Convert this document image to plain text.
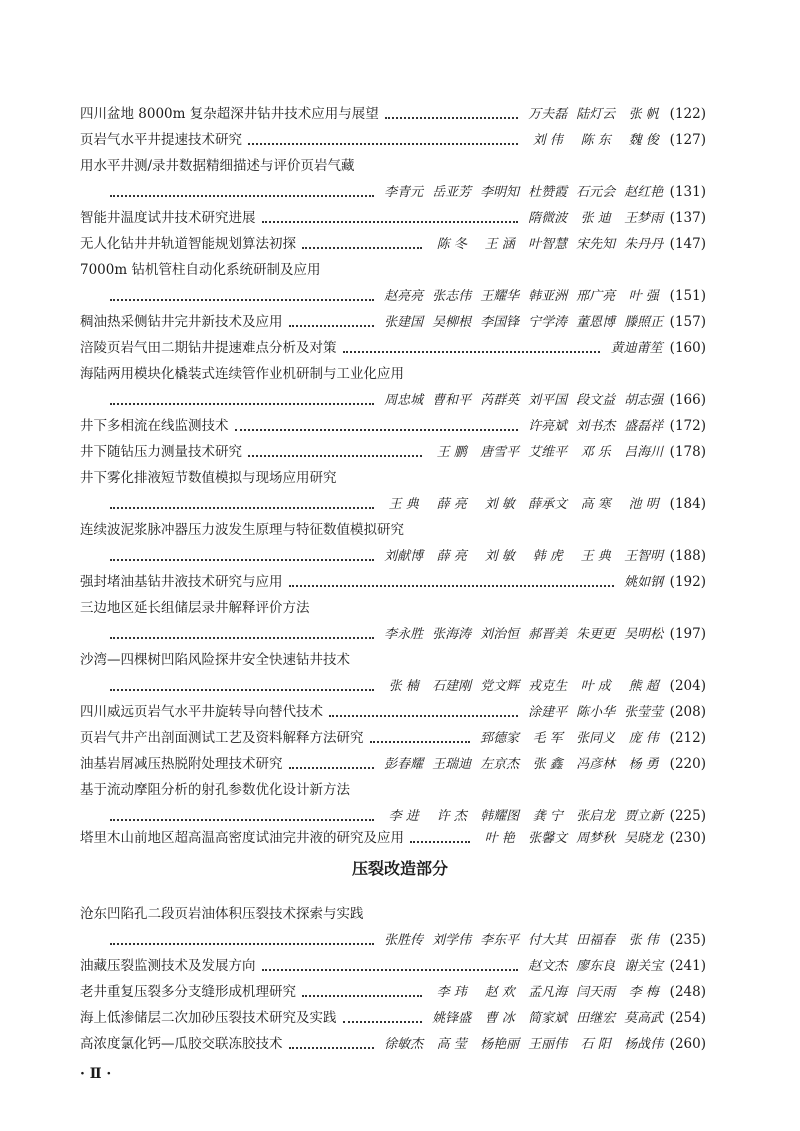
四川盆地 8000m 复杂超深井钻井技术应用与展望	万夫磊 陆灯云	张 帆 (122)
页岩气水平井提速技术研究	刘 伟	陈 东	魏 俊 (127)
用水平井测/录井数据精细描述与评价页岩气藏
李青元 岳亚芳 李明知 杜赞霞 石元会 赵红艳 (131)
智能井温度试井技术研究进展	隋微波	张 迪	王梦雨 (137)
无人化钻井井轨道智能规划算法初探	陈 冬	王 涵	叶智慧 宋先知 朱丹丹 (147)
7000m 钻机管柱自动化系统研制及应用
赵亮亮 张志伟 王耀华 韩亚洲 邢广亮	叶 强 (151)
稠油热采侧钻井完井新技术及应用	张建国 吴柳根 李国锋 宁学涛 董恩博 滕照正 (157)
涪陵页岩气田二期钻井提速难点分析及对策	黄迪莆笙 (160)
海陆两用模块化橇装式连续管作业机研制与工业化应用
周忠城 曹和平 芮群英 刘平国 段文益 胡志强 (166)
井下多相流在线监测技术	许亮斌 刘书杰 盛磊祥 (172)
井下随钻压力测量技术研究	王 鹏	唐雪平 艾维平	邓 乐	吕海川 (178)
井下雾化排液短节数值模拟与现场应用研究
王 典	薛 亮	刘 敏	薛承文	高 寒	池 明 (184)
连续波泥浆脉冲器压力波发生原理与特征数值模拟研究
刘献博	薛 亮	刘 敏	韩 虎	王 典	王智明 (188)
强封堵油基钻井液技术研究与应用	姚如钢 (192)
三边地区延长组储层录井解释评价方法
李永胜 张海涛 刘治恒 郝晋美 朱更更 吴明松 (197)
沙湾—四棵树凹陷风险探井安全快速钻井技术
张 楠	石建刚 党文辉 戎克生	叶 成	熊 超 (204)
四川威远页岩气水平井旋转导向替代技术	涂建平 陈小华 张莹莹 (208)
页岩气井产出剖面测试工艺及资料解释方法研究	郅德家	毛 军	张同义	庞 伟 (212)
油基岩屑减压热脱附处理技术研究	彭春耀 王瑞迪 左京杰	张 鑫	冯彦林	杨 勇 (220)
基于流动摩阻分析的射孔参数优化设计新方法
李 进	许 杰	韩耀图	龚 宁	张启龙 贾立新 (225)
塔里木山前地区超高温高密度试油完井液的研究及应用	叶 艳	张馨文 周梦秋 吴晓龙 (230)
沧东凹陷孔二段页岩油体积压裂技术探索与实践
张胜传 刘学伟 李东平 付大其 田福春	张 伟 (235)
油藏压裂监测技术及发展方向	赵文杰 廖东良 谢关宝 (241)
老井重复压裂多分支缝形成机理研究	李 玮	赵 欢	孟凡海 闫天雨	李 梅 (248)
海上低渗储层二次加砂压裂技术研究及实践	姚锋盛	曹 冰	简家斌 田继宏 莫高武 (254)
高浓度氯化钙—瓜胶交联冻胶技术	徐敏杰	高 莹	杨艳丽 王丽伟	石 阳	杨战伟 (260)
压裂改造部分
· Ⅱ ·
